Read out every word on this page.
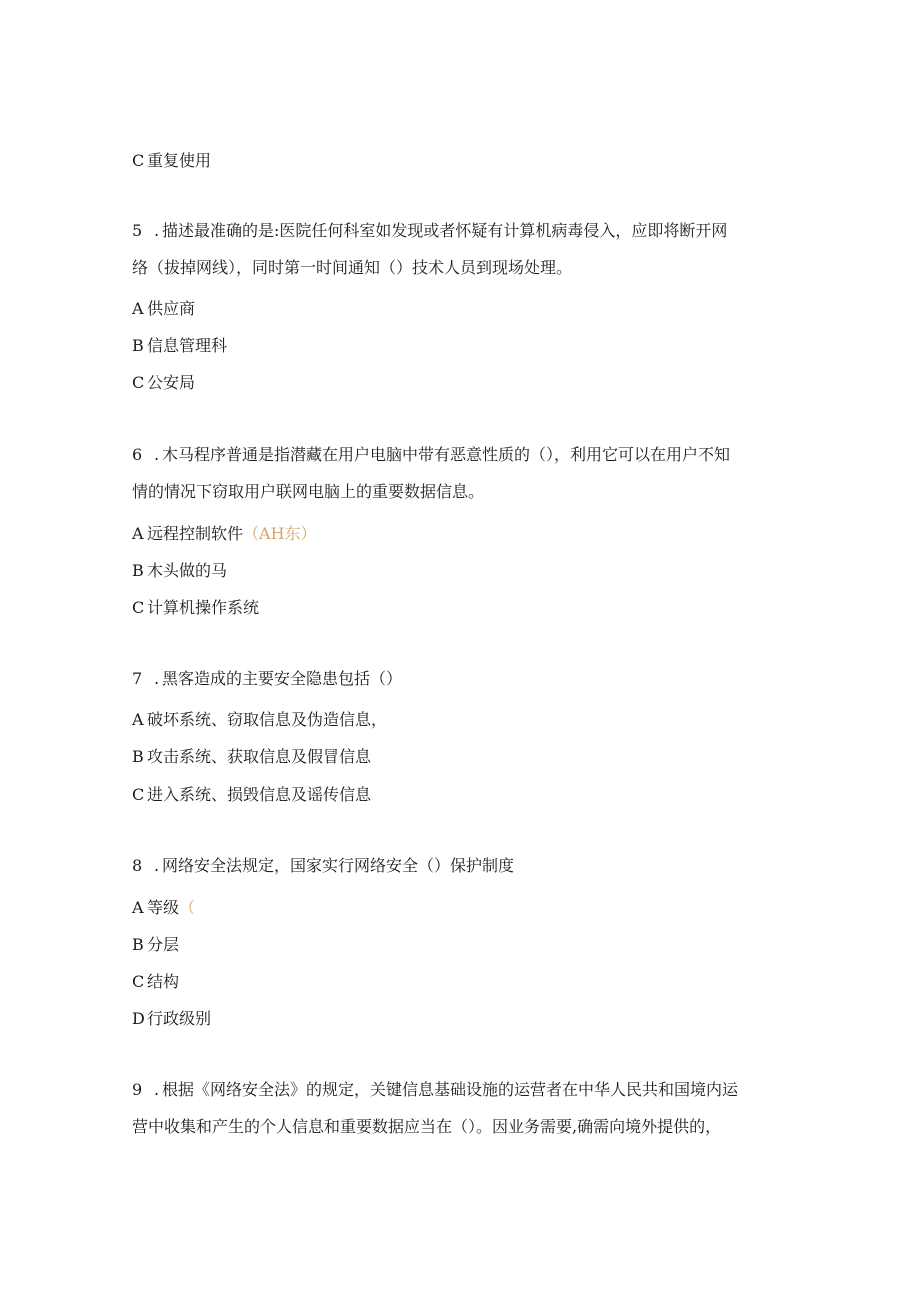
C 重复使用
5 . 描述最准确的是:医院任何科室如发现或者怀疑有计算机病毒侵入，应即将断开网
络（拔掉网线），同时第一时间通知（）技术人员到现场处理。
A 供应商
B 信息管理科
C 公安局
6 . 木马程序普通是指潜藏在用户电脑中带有恶意性质的（），利用它可以在用户不知
情的情况下窃取用户联网电脑上的重要数据信息。
A 远程控制软件（AH东）
B 木头做的马
C 计算机操作系统
7 . 黑客造成的主要安全隐患包括（）
A 破坏系统、窃取信息及伪造信息，
B 攻击系统、获取信息及假冒信息
C 进入系统、损毁信息及谣传信息
8 . 网络安全法规定，国家实行网络安全（）保护制度
A 等级（
B 分层
C 结构
D 行政级别
9 . 根据《网络安全法》的规定，关键信息基础设施的运营者在中华人民共和国境内运
营中收集和产生的个人信息和重要数据应当在（）。因业务需要,确需向境外提供的，
